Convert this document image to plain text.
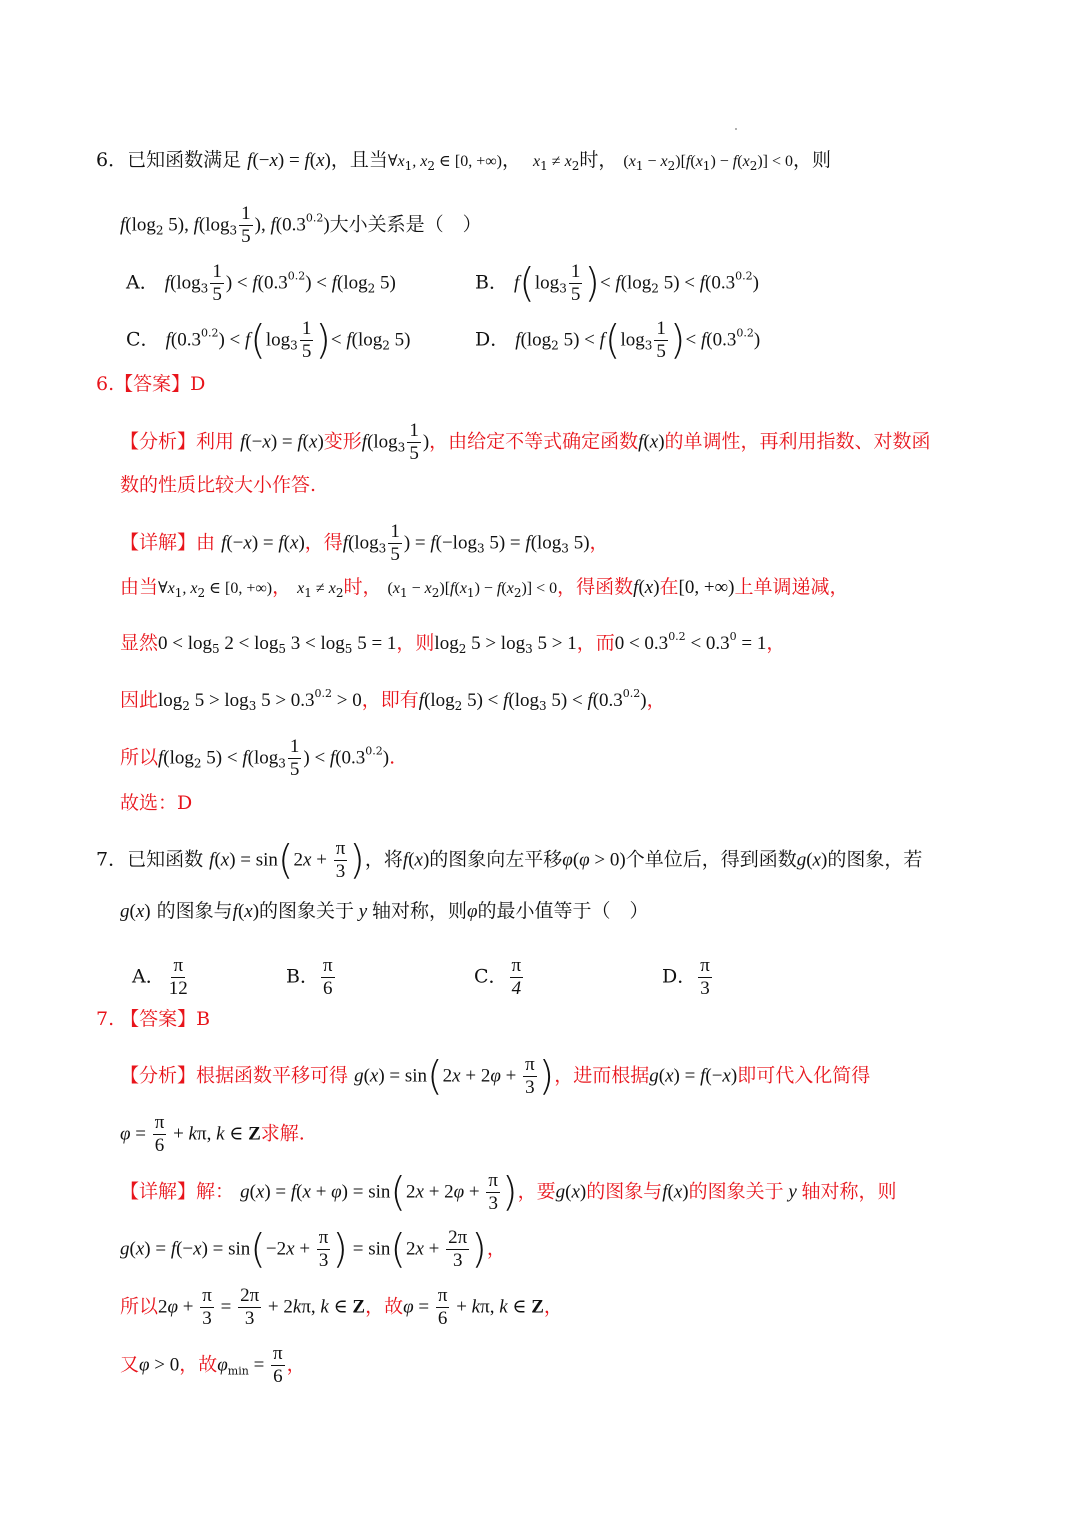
6．已知函数满足 f(−x) = f(x)，且当$\forall x_1$, $x_2$ ∈ [0, +∞)，  $x_1 \ne x_2$时， $(x_1 - x_2)[f(x_1) - f(x_2)] < 0$，则
$f(\log_2$ 5), $f(\log_3 \frac{1}{5}$ ), $f(0.3^{0.2})$大小关系是（　）
A． $f(\log_3 \frac{1}{5}$ ) < $f(0.3^{0.2}) < f(\log_2$ 5)	B． $f(\log_3 \frac{1}{5}$ )< $f(\log_2$ $5) < f(0.3^{0.2})$
C． $f(0.3^{0.2}) < f(\log_3 \frac{1}{5}$ )< $f(\log_2$ 5)	D． $f(\log_2$ $5) < f(\log_3 \frac{1}{5}$ )< $f(0.3^{0.2})$
6.【答案】D
【分析】利用 f(−x) = f(x)变形$f(\log_3 \frac{1}{5}$ )，由给定不等式确定函数f(x)的单调性，再利用指数、对数函
数的性质比较大小作答.
【详解】由 f(−x) = f(x)，得$f(\log_3 \frac{1}{5}$ ) = $f(-\log_3$ $5) = f(\log_3$ 5)，
由当$\forall x_1$, $x_2$ ∈ [0, +∞)， $x_1 \ne x_2$时， $(x_1 - x_2)[f(x_1) - f(x_2)] < 0$，得函数f(x)在[0, +∞)上单调递减，
显然$0 < \log_5 2 < \log_5 3 < \log_5 5 = 1$，则$\log_2 5 > \log_3 5 > 1$，而$0 < 0.3^{0.2} < 0.3^0 = 1$，
因此$\log_2 5 > \log_3 5 > 0.3^{0.2} > 0$，即有$f(\log_2$ $5) < f(\log_3$ $5) < f(0.3^{0.2})$，
所以$f(\log_2$ $5) < f(\log_3 \frac{1}{5}$ ) < $f(0.3^{0.2})$.
故选：D
7．已知函数 $f(x) = \sin(2x + \frac{\pi}{3}$ )，将f(x)的图象向左平移φ(φ > 0)个单位后，得到函数g(x)的图象，若
g(x) 的图象与f(x)的图象关于 y 轴对称，则φ的最小值等于（　）
A． $\frac{\pi}{12}$	B． $\frac{\pi}{6}$	C． $\frac{\pi}{4}$	D． $\frac{\pi}{3}$
7. 【答案】B
【分析】根据函数平移可得 $g(x) = \sin(2x + 2\varphi + \frac{\pi}{3}$ )，进而根据g(x) = f(−x)即可代入化简得
$\varphi = \frac{\pi}{6} + k\pi$, k ∈ Z求解.
【详解】解： $g(x) = f(x + \varphi) = \sin(2x + 2\varphi + \frac{\pi}{3}$ )，要g(x)的图象与f(x)的图象关于 y 轴对称，则
$g(x) = f(-x) = \sin(-2x + \frac{\pi}{3}$ ) = $\sin(2x + \frac{2\pi}{3}$ )，
所以$2\varphi + \frac{\pi}{3} = \frac{2\pi}{3} + 2k\pi$, k ∈ Z，故$\varphi = \frac{\pi}{6} + k\pi$, k ∈ Z，
又φ > 0，故$\varphi_{min} = \frac{\pi}{6}$ ，
